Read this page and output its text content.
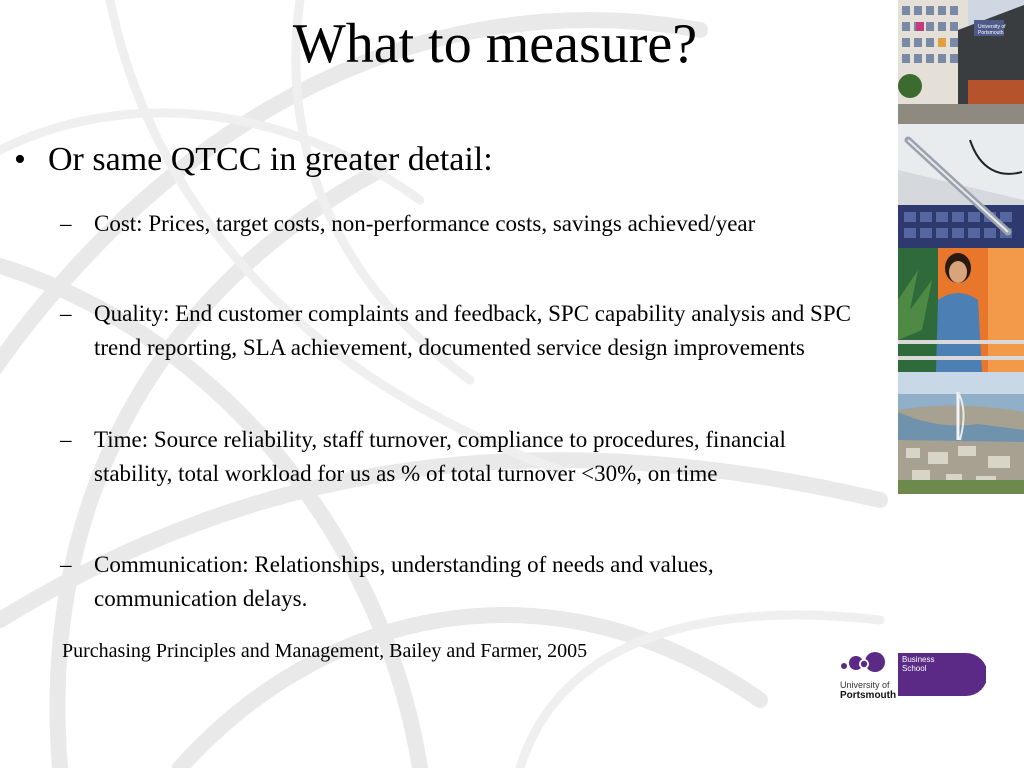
University of
Portsmouth
What to measure?
• Or same QTCC in greater detail:
– Cost: Prices, target costs, non-performance costs, savings achieved/year
– Quality: End customer complaints and feedback, SPC capability analysis and SPC trend reporting, SLA achievement, documented service design improvements
– Time: Source reliability, staff turnover, compliance to procedures, financial stability, total workload for us as % of total turnover <30%, on time
– Communication: Relationships, understanding of needs and values, communication delays.
Purchasing Principles and Management, Bailey and Farmer, 2005
University of
Portsmouth
Business
School
